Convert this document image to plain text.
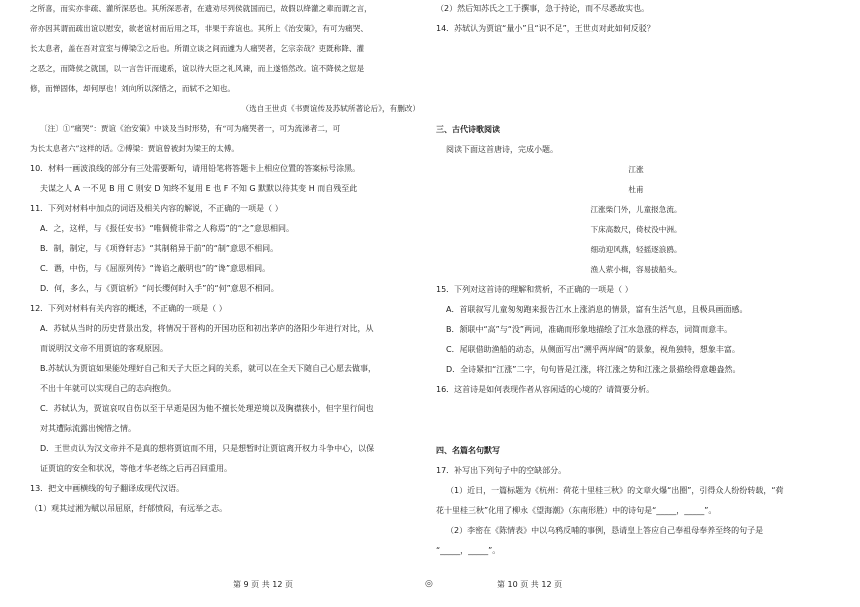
之所喜，而实亦非疏、灌所深恶也。其所深恶者，在遗劝尽列侯就国而已，故假以绛灌之辈而谓之言，
帝亦因其谓而疏出谊以慰安，欲老谊材而后用之耳，非果于弃谊也。其所上《治安策》，有可为痛哭、
长太息者，盖在吾对宣室与傅梁②之后也。所谓立谈之间而遽为人痛哭者，乞宗亲哉？吏既称降、灌
之恶之，而降侯之就国，以一言告讦而逮系，谊以待大臣之礼风谏，而上遂悟然改。谊不降侯之愆是
修，而惮固体，却何厚也！刘向所以深惜之，而轼不之知也。
（选自王世贞《书贾谊传及苏轼所著论后》，有删改）
〔注〕①“痛哭”：贾谊《治安策》中谈及当时形势，有“可为痛哭者一，可为流涕者二，可
为长太息者六”这样的话。②傅梁：贾谊曾被封为梁王的太傅。
10．材料一画波浪线的部分有三处需要断句，请用铅笔将答题卡上相应位置的答案标号涂黑。
夫谋之人 A 一不见 B 用 C 则安 D 知终不复用 E 也 F 不知 G 默默以待其变 H 而自残至此
11．下列对材料中加点的词语及相关内容的解说，不正确的一项是（ ）
A．之，这样，与《报任安书》“唯倜傥非常之人称焉”的“之”意思相同。
B．制，制定，与《项脊轩志》“其制稍异于前”的“制”意思不相同。
C．谮，中伤，与《屈原列传》“谗谄之蔽明也”的“谗”意思相同。
D．何，多么，与《贾谊析》“问长缨何时入手”的“何”意思不相同。
12．下列对材料有关内容的概述，不正确的一项是（ ）
A．苏轼从当时的历史背景出发，将情况于晋构的开国功臣和初出茅庐的洛阳少年进行对比，从
而说明汉文帝不用贾谊的客观原因。
B.苏轼认为贾谊如果能处理好自己和天子大臣之间的关系，就可以在全天下随自己心愿去做事，
不出十年就可以实现自己的志向抱负。
C．苏轼认为，贾谊哀叹自伤以至于早逝是因为他不擅长处理逆境以及胸襟狭小，但字里行间也
对其遭际流露出惋惜之情。
D．王世贞认为汉文帝并不是真的想将贾谊而不用，只是想暂时让贾谊离开权力斗争中心，以保
证贾谊的安全和状况，等他才华老练之后再召回重用。
13．把文中画横线的句子翻译成现代汉语。
（1）观其过湘为赋以吊屈原，纡郁愤闷，有远举之志。
（2）然后知苏氏之工于撰事，急于持论，而不尽悉故实也。
14．苏轼认为贾谊“量小”且“识不足”，王世贞对此如何反驳？
三、古代诗歌阅读
阅读下面这首唐诗，完成小题。
江涨
杜甫
江涨柴门外，儿童报急流。
下床高数尺，倚杖没中洲。
细动迎风燕，轻摇逐浪鸥。
渔人萦小楫，容易拔船头。
15．下列对这首诗的理解和赏析，不正确的一项是（ ）
A．首联叙写儿童匆匆跑来报告江水上涨消息的情景，富有生活气息，且极具画面感。
B．颔联中“高”与“没”两词，准确而形象地描绘了江水急涨的样态，词简而意丰。
C．尾联借助渔船的动态，从侧面写出“溯乎两岸阔”的景象，视角独特，想象丰富。
D．全诗紧扣“江涨”二字，句句皆是江涨，将江涨之势和江涨之景描绘得意趣盎然。
16．这首诗是如何表现作者从容闲适的心境的？请简要分析。
四、名篇名句默写
17．补写出下列句子中的空缺部分。
（1）近日，一篇标题为《杭州：荷花十里桂三秋》的文章火爆“出圈”，引得众人纷纷转载，“荷
花十里桂三秋”化用了柳永《望海潮》（东南形胜）中的诗句是“_____，_____”。
（2）李密在《陈情表》中以乌鸦反哺的事例，恳请皇上答应自己奉祖母奉养至终的句子是
“_____，_____”。
第 9 页 共 12 页	◎	第 10 页 共 12 页
